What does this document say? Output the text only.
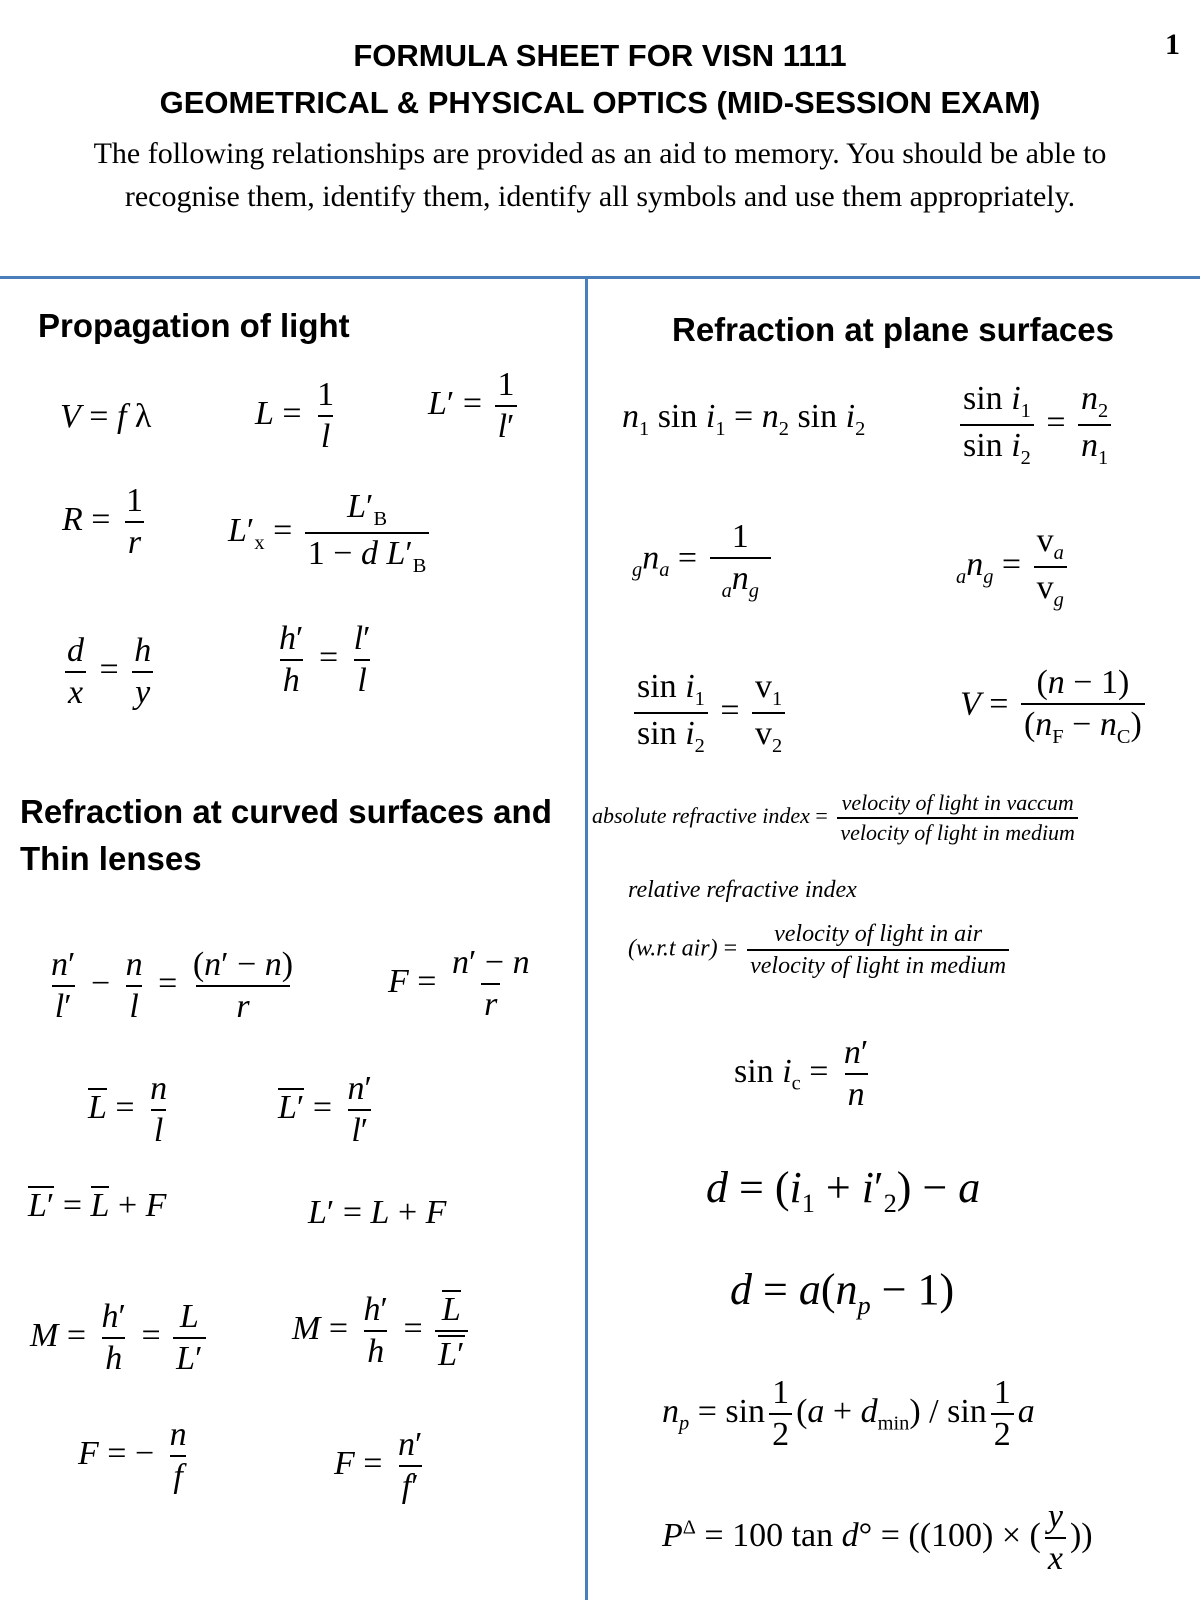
FORMULA SHEET FOR VISN 1111
GEOMETRICAL & PHYSICAL OPTICS (MID-SESSION EXAM)
1
The following relationships are provided as an aid to memory. You should be able to recognise them, identify them, identify all symbols and use them appropriately.
Propagation of light
Refraction at curved surfaces and Thin lenses
Refraction at plane surfaces
V = f λ	$L = \frac{1}{l}$	$L' = \frac{1}{l'}$
$R = \frac{1}{r} L'_x = \frac{L'_B}{1 - d L'_B}$
$\frac{d}{x} = \frac{h}{y}$	$\frac{h'}{h} = \frac{l'}{l}$
$\frac{n'}{l'} - \frac{n}{l} = \frac{(n' - n)}{r}$	$F = \frac{n' - n}{r}$
$L = \frac{n}{l}$	$L' = \frac{n'}{l'}$
L′ = L + F	L′ = L + F
$M = \frac{h'}{h} = \frac{L}{L'}$	$M = \frac{h'}{h} = \frac{L}{L'}$
F = − $\frac{n}{f}$	$F = \frac{n'}{f'}$
$n_1$ $\sin i_1 = n_2$ $\sin i_2$	$\frac{\sin i_1}{\sin i_2} = \frac{n_2}{n_1}$
$_gn_a = \frac{1}{_an_g}$	$_an_g = \frac{v_a}{v_g}$
$\frac{\sin i_1}{\sin i_2} = \frac{v_1}{v_2}$	$V = \frac{(n - 1)}{(n_F - n_C)}$
absolute refractive index = $\frac{\text{velocity of light in vaccum}}{\text{velocity of light in medium}}$
relative refractive index
(w.r.t $air) = \frac{\text{velocity of light in air}}{\text{velocity of light in medium}}$
$\sin i_c = \frac{n'}{n}$
$d = (i_1 + i'_2) - a$
$d = a(n_p - 1)$
$n_p = \sin \frac{1}{2} (a + d_{min}) / \sin \frac{1}{2}$ a
$P^\Delta = 100$ tan d° = ((100) × ( $\frac{y}{x}$ ))
